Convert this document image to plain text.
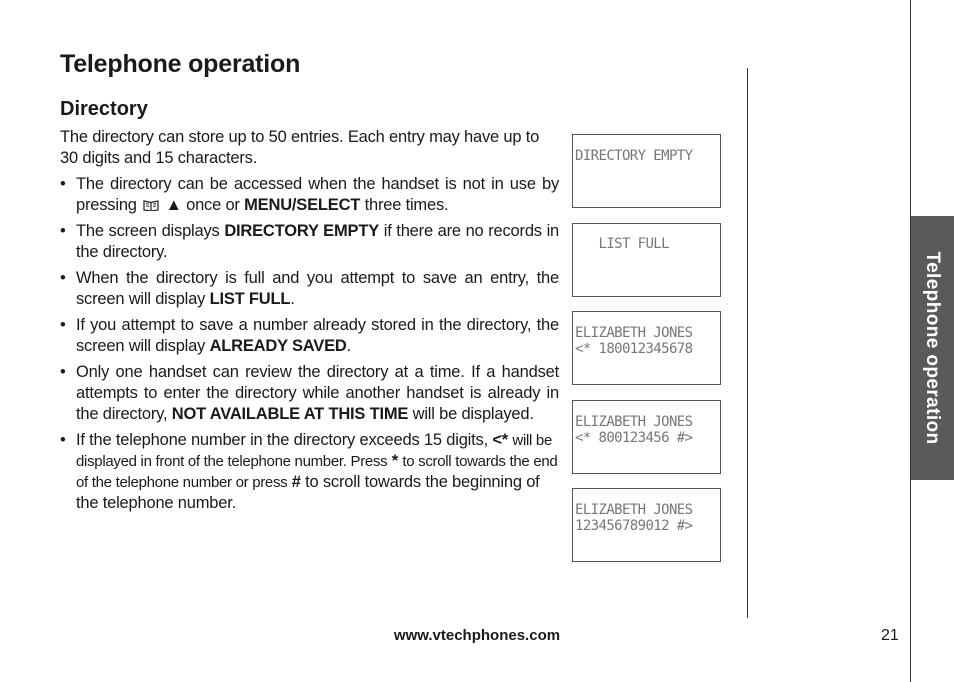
Telephone operation
Directory
The directory can store up to 50 entries. Each entry may have up to 30 digits and 15 characters.
• The directory can be accessed when the handset is not in use by pressing ▲ once or MENU/SELECT three times.
• The screen displays DIRECTORY EMPTY if there are no records in the directory.
• When the directory is full and you attempt to save an entry, the screen will display LIST FULL.
• If you attempt to save a number already stored in the directory, the screen will display ALREADY SAVED.
• Only one handset can review the directory at a time. If a handset attempts to enter the directory while another handset is already in the directory, NOT AVAILABLE AT THIS TIME will be displayed.
• If the telephone number in the directory exceeds 15 digits, <* will be displayed in front of the telephone number. Press * to scroll towards the end of the telephone number or press # to scroll towards the beginning of the telephone number.
DIRECTORY EMPTY
LIST FULL
ELIZABETH JONES
<* 180012345678
ELIZABETH JONES
<* 800123456 #>
ELIZABETH JONES
123456789012 #>
Telephone operation
www.vtechphones.com	21
